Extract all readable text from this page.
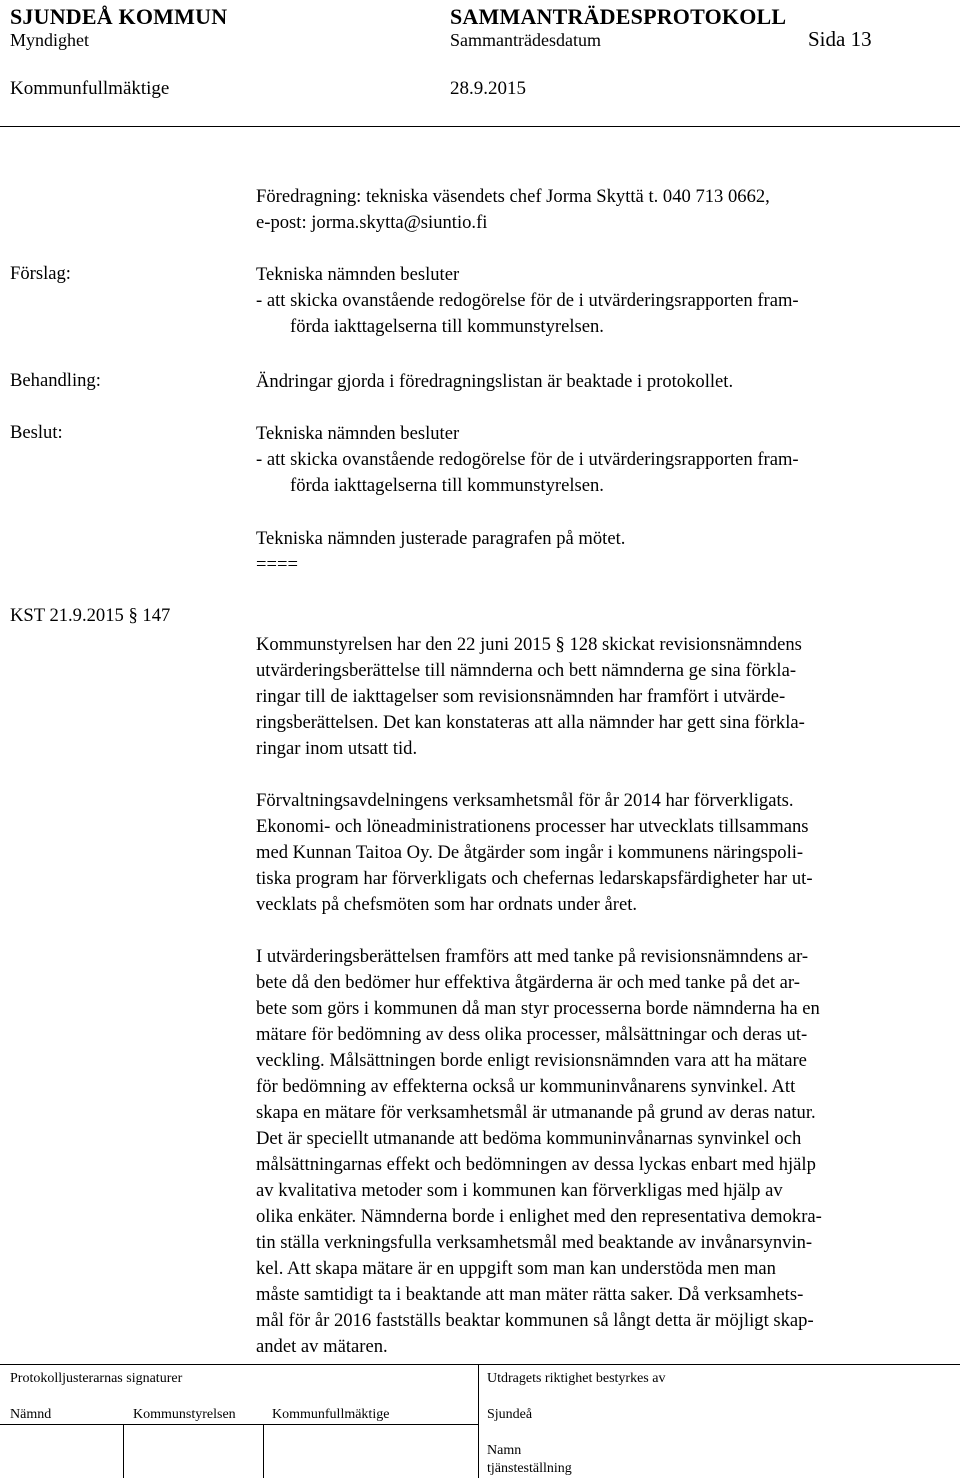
SJUNDEÅ KOMMUN	SAMMANTRÄDESPROTOKOLL
Myndighet	Sammanträdesdatum	Sida 13
Kommunfullmäktige	28.9.2015
Föredragning: tekniska väsendets chef Jorma Skyttä t. 040 713 0662,
e-post: jorma.skytta@siuntio.fi
Förslag:	Tekniska nämnden besluter
- att skicka ovanstående redogörelse för de i utvärderingsrapporten fram-
förda iakttagelserna till kommunstyrelsen.
Behandling:	Ändringar gjorda i föredragningslistan är beaktade i protokollet.
Beslut:	Tekniska nämnden besluter
- att skicka ovanstående redogörelse för de i utvärderingsrapporten fram-
förda iakttagelserna till kommunstyrelsen.
Tekniska nämnden justerade paragrafen på mötet.
====
KST 21.9.2015 § 147
Kommunstyrelsen har den 22 juni 2015 § 128 skickat revisionsnämndens
utvärderingsberättelse till nämnderna och bett nämnderna ge sina förkla-
ringar till de iakttagelser som revisionsnämnden har framfört i utvärde-
ringsberättelsen. Det kan konstateras att alla nämnder har gett sina förkla-
ringar inom utsatt tid.
Förvaltningsavdelningens verksamhetsmål för år 2014 har förverkligats.
Ekonomi- och löneadministrationens processer har utvecklats tillsammans
med Kunnan Taitoa Oy. De åtgärder som ingår i kommunens näringspoli-
tiska program har förverkligats och chefernas ledarskapsfärdigheter har ut-
vecklats på chefsmöten som har ordnats under året.
I utvärderingsberättelsen framförs att med tanke på revisionsnämndens ar-
bete då den bedömer hur effektiva åtgärderna är och med tanke på det ar-
bete som görs i kommunen då man styr processerna borde nämnderna ha en
mätare för bedömning av dess olika processer, målsättningar och deras ut-
veckling. Målsättningen borde enligt revisionsnämnden vara att ha mätare
för bedömning av effekterna också ur kommuninvånarens synvinkel. Att
skapa en mätare för verksamhetsmål är utmanande på grund av deras natur.
Det är speciellt utmanande att bedöma kommuninvånarnas synvinkel och
målsättningarnas effekt och bedömningen av dessa lyckas enbart med hjälp
av kvalitativa metoder som i kommunen kan förverkligas med hjälp av
olika enkäter. Nämnderna borde i enlighet med den representativa demokra-
tin ställa verkningsfulla verksamhetsmål med beaktande av invånarsynvin-
kel. Att skapa mätare är en uppgift som man kan understöda men man
måste samtidigt ta i beaktande att man mäter rätta saker. Då verksamhets-
mål för år 2016 fastställs beaktar kommunen så långt detta är möjligt skap-
andet av mätaren.
Protokolljusterarnas signaturer	Utdragets riktighet bestyrkes av
Nämnd	Kommunstyrelsen	Kommunfullmäktige	Sjundeå
Namn
tjänsteställning
